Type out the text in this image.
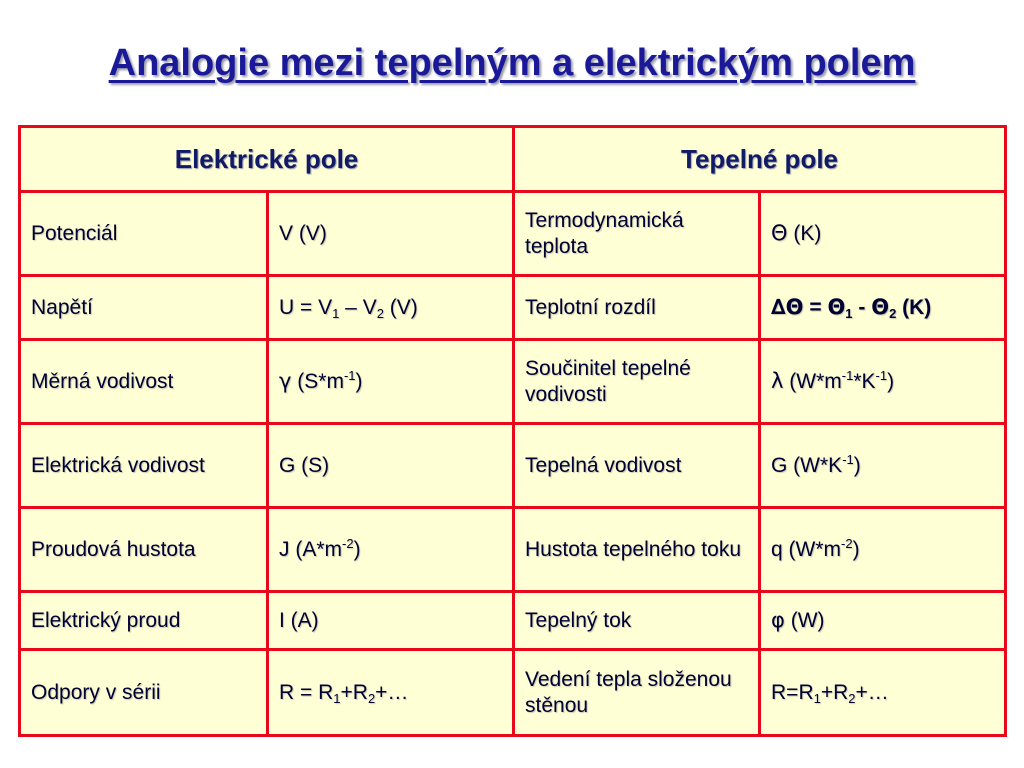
Analogie mezi tepelným a elektrickým polem
Elektrické pole		Tepelné pole	
Potenciál	V (V)	Termodynamická teplota	Θ (K)
Napětí	$U = V_1 - V_2$ (V)	Teplotní rozdíl	$\Delta\Theta = \Theta_1 - \Theta_2$ (K)
Měrná vodivost	γ $(S*m^{-1})$	Součinitel tepelné vodivosti	λ $(W*m^{-1}*K^{-1})$
Elektrická vodivost	G (S)	Tepelná vodivost	G $(W*K^{-1})$
Proudová hustota	J $(A*m^{-2})$	Hustota tepelného toku	q $(W*m^{-2})$
Elektrický proud	I (A)	Tepelný tok	φ (W)
Odpory v sérii	$R = R_1+R_2+\dots$	Vedení tepla složenou stěnou	$R=R_1+R_2+\dots$
